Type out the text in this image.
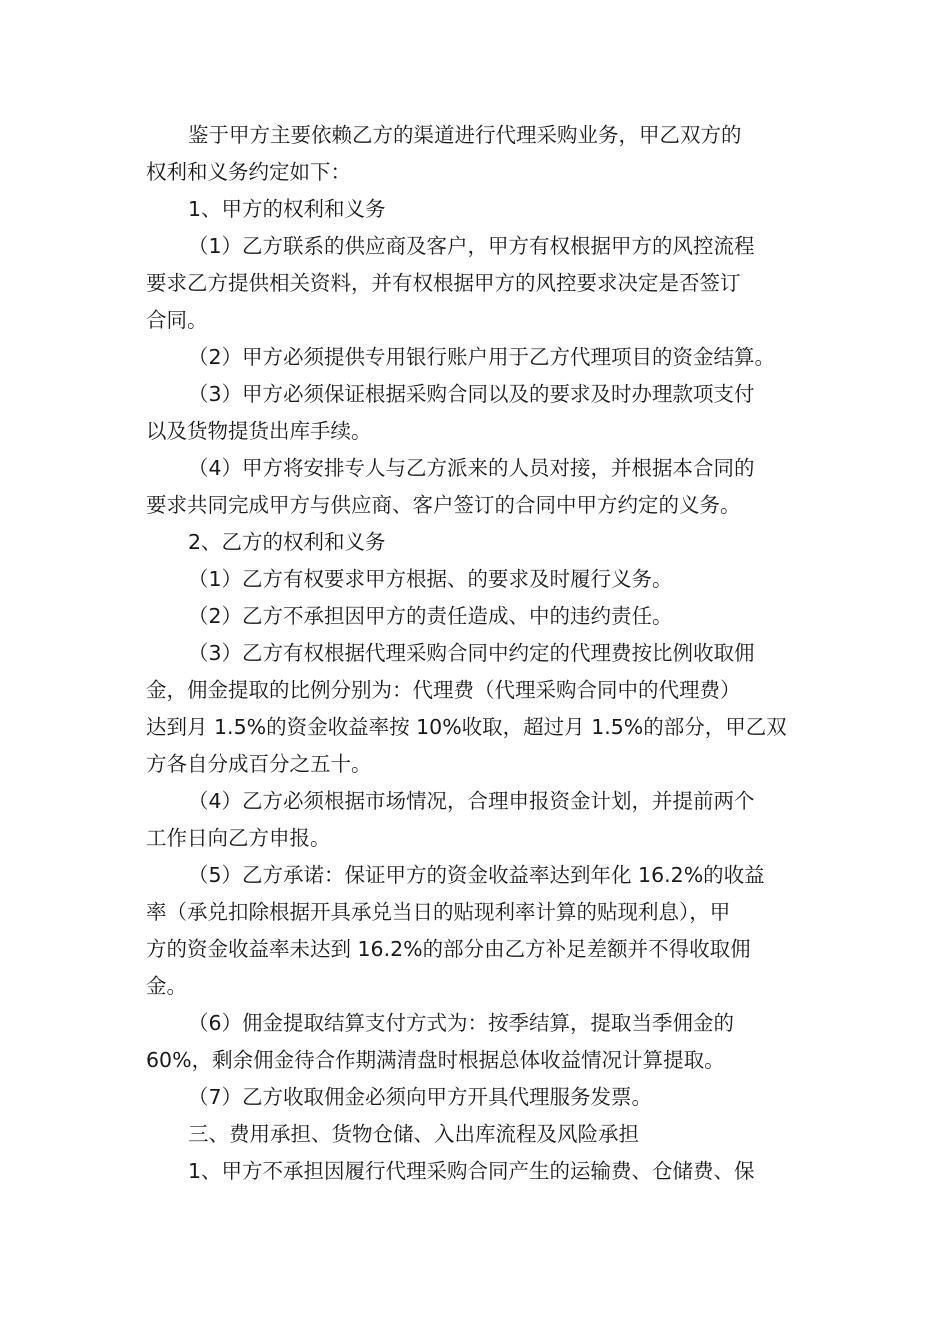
鉴于甲方主要依赖乙方的渠道进行代理采购业务，甲乙双方的
权利和义务约定如下：

1、甲方的权利和义务

（1）乙方联系的供应商及客户，甲方有权根据甲方的风控流程
要求乙方提供相关资料，并有权根据甲方的风控要求决定是否签订
合同。

（2）甲方必须提供专用银行账户用于乙方代理项目的资金结算。

（3）甲方必须保证根据采购合同以及的要求及时办理款项支付
以及货物提货出库手续。

（4）甲方将安排专人与乙方派来的人员对接，并根据本合同的
要求共同完成甲方与供应商、客户签订的合同中甲方约定的义务。

2、乙方的权利和义务

（1）乙方有权要求甲方根据、的要求及时履行义务。

（2）乙方不承担因甲方的责任造成、中的违约责任。

（3）乙方有权根据代理采购合同中约定的代理费按比例收取佣
金，佣金提取的比例分别为：代理费（代理采购合同中的代理费）
达到月 1.5%的资金收益率按 10%收取，超过月 1.5%的部分，甲乙双
方各自分成百分之五十。

（4）乙方必须根据市场情况，合理申报资金计划，并提前两个
工作日向乙方申报。

（5）乙方承诺：保证甲方的资金收益率达到年化 16.2%的收益
率（承兑扣除根据开具承兑当日的贴现利率计算的贴现利息），甲
方的资金收益率未达到 16.2%的部分由乙方补足差额并不得收取佣
金。

（6）佣金提取结算支付方式为：按季结算，提取当季佣金的
60%，剩余佣金待合作期满清盘时根据总体收益情况计算提取。

（7）乙方收取佣金必须向甲方开具代理服务发票。

三、费用承担、货物仓储、入出库流程及风险承担

1、甲方不承担因履行代理采购合同产生的运输费、仓储费、保
